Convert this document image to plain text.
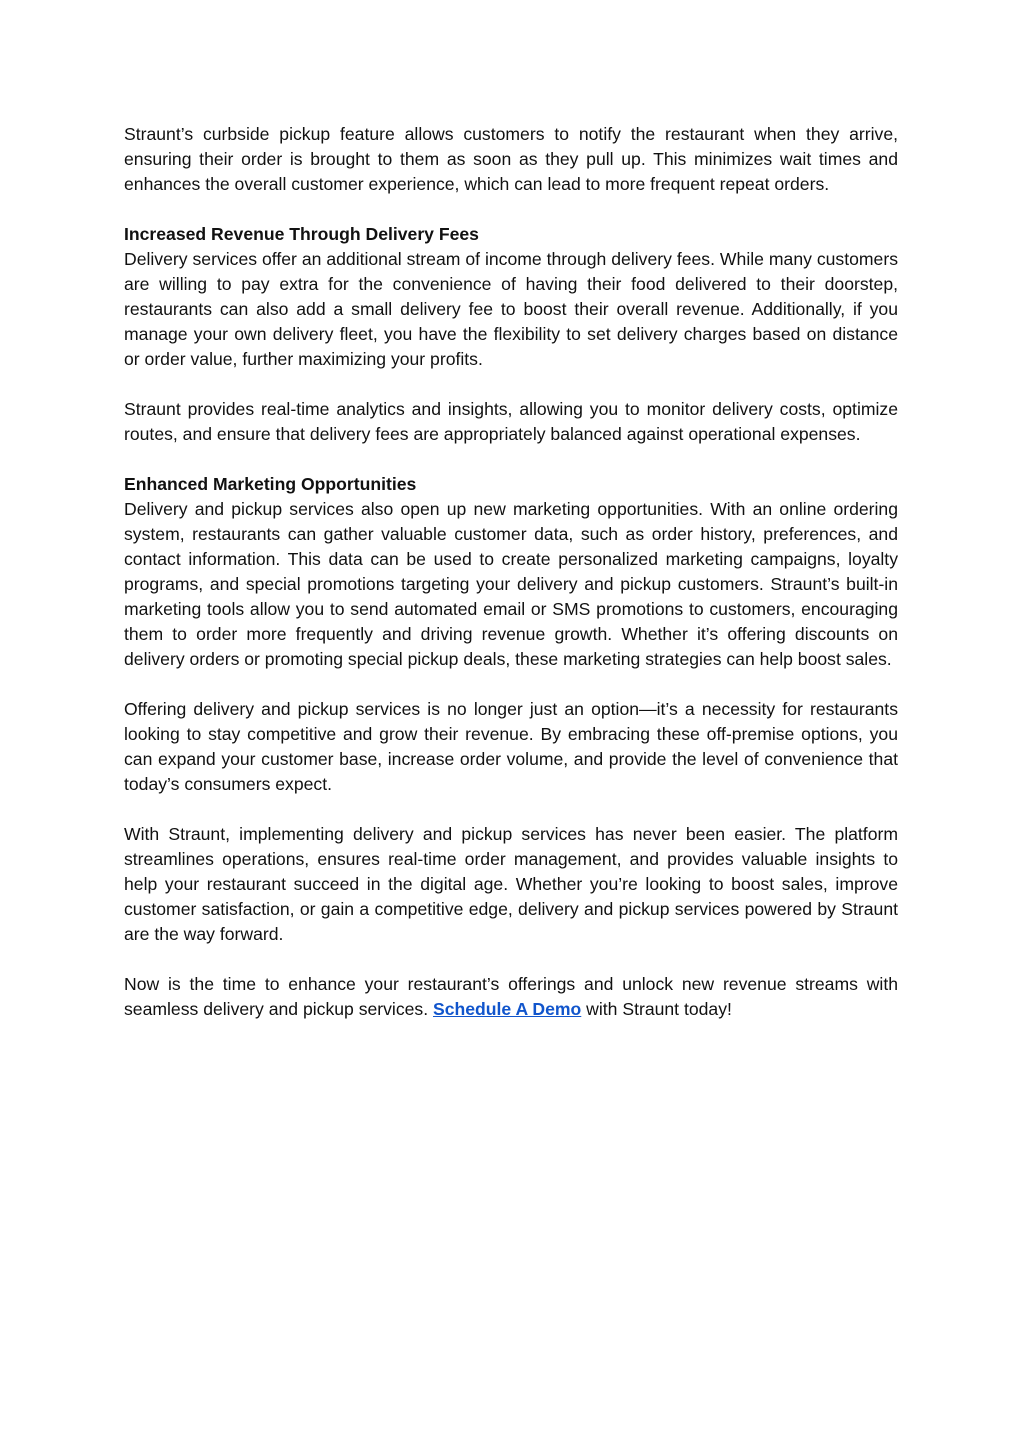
Straunt’s curbside pickup feature allows customers to notify the restaurant when they arrive, ensuring their order is brought to them as soon as they pull up. This minimizes wait times and enhances the overall customer experience, which can lead to more frequent repeat orders.

Increased Revenue Through Delivery Fees
Delivery services offer an additional stream of income through delivery fees. While many customers are willing to pay extra for the convenience of having their food delivered to their doorstep, restaurants can also add a small delivery fee to boost their overall revenue. Additionally, if you manage your own delivery fleet, you have the flexibility to set delivery charges based on distance or order value, further maximizing your profits.

Straunt provides real-time analytics and insights, allowing you to monitor delivery costs, optimize routes, and ensure that delivery fees are appropriately balanced against operational expenses.

Enhanced Marketing Opportunities
Delivery and pickup services also open up new marketing opportunities. With an online ordering system, restaurants can gather valuable customer data, such as order history, preferences, and contact information. This data can be used to create personalized marketing campaigns, loyalty programs, and special promotions targeting your delivery and pickup customers. Straunt’s built-in marketing tools allow you to send automated email or SMS promotions to customers, encouraging them to order more frequently and driving revenue growth. Whether it’s offering discounts on delivery orders or promoting special pickup deals, these marketing strategies can help boost sales.

Offering delivery and pickup services is no longer just an option—it’s a necessity for restaurants looking to stay competitive and grow their revenue. By embracing these off-premise options, you can expand your customer base, increase order volume, and provide the level of convenience that today’s consumers expect.

With Straunt, implementing delivery and pickup services has never been easier. The platform streamlines operations, ensures real-time order management, and provides valuable insights to help your restaurant succeed in the digital age. Whether you’re looking to boost sales, improve customer satisfaction, or gain a competitive edge, delivery and pickup services powered by Straunt are the way forward.

Now is the time to enhance your restaurant’s offerings and unlock new revenue streams with seamless delivery and pickup services. Schedule A Demo with Straunt today!
